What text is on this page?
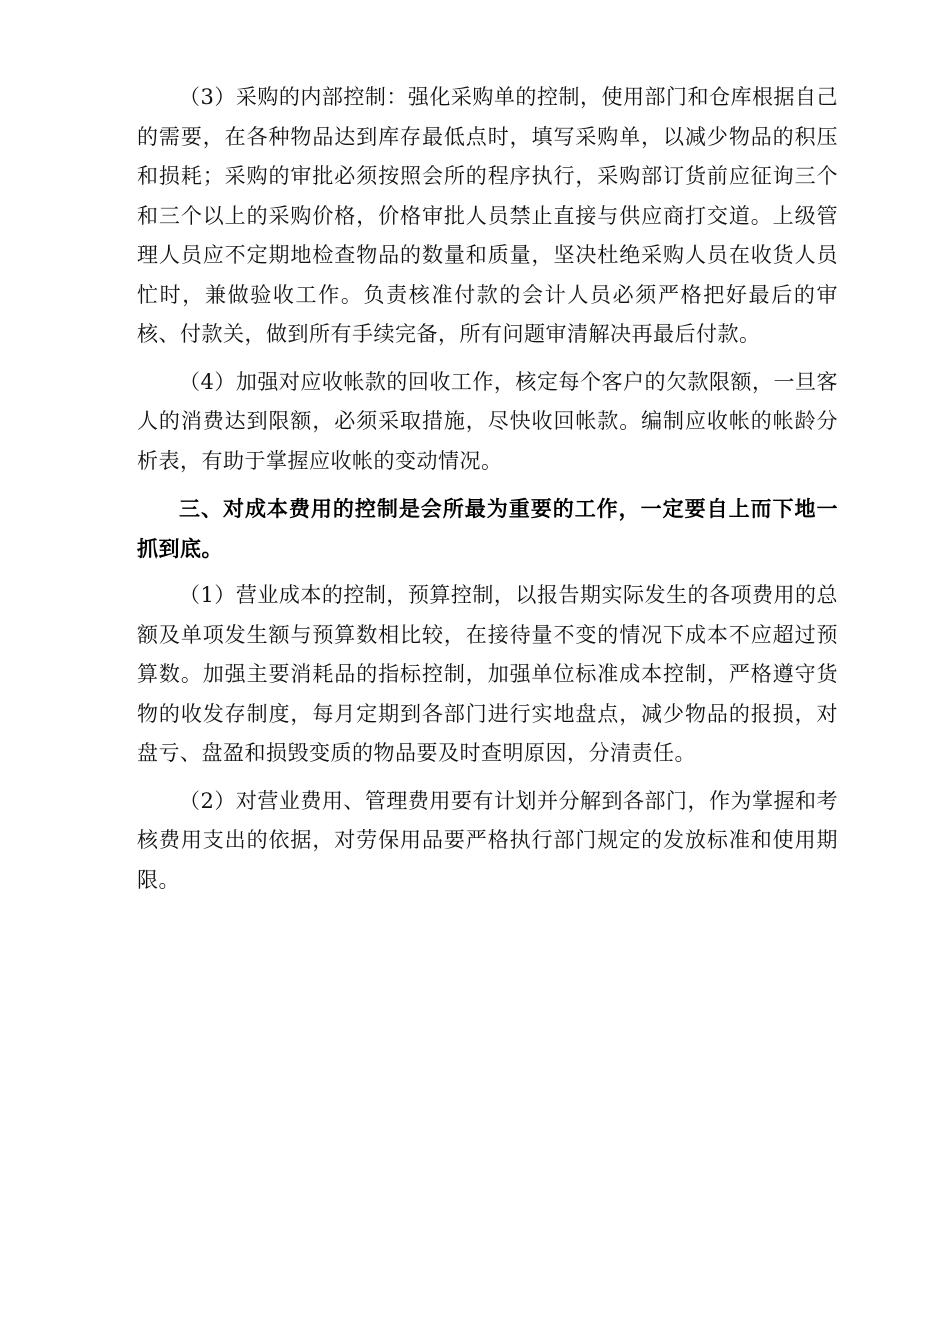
（3）采购的内部控制：强化采购单的控制，使用部门和仓库根据自己的需要，在各种物品达到库存最低点时，填写采购单，以减少物品的积压和损耗；采购的审批必须按照会所的程序执行，采购部订货前应征询三个和三个以上的采购价格，价格审批人员禁止直接与供应商打交道。上级管理人员应不定期地检查物品的数量和质量，坚决杜绝采购人员在收货人员忙时，兼做验收工作。负责核准付款的会计人员必须严格把好最后的审核、付款关，做到所有手续完备，所有问题审清解决再最后付款。

（4）加强对应收帐款的回收工作，核定每个客户的欠款限额，一旦客人的消费达到限额，必须采取措施，尽快收回帐款。编制应收帐的帐龄分析表，有助于掌握应收帐的变动情况。

三、对成本费用的控制是会所最为重要的工作，一定要自上而下地一抓到底。

（1）营业成本的控制，预算控制，以报告期实际发生的各项费用的总额及单项发生额与预算数相比较，在接待量不变的情况下成本不应超过预算数。加强主要消耗品的指标控制，加强单位标准成本控制，严格遵守货物的收发存制度，每月定期到各部门进行实地盘点，减少物品的报损，对盘亏、盘盈和损毁变质的物品要及时查明原因，分清责任。

（2）对营业费用、管理费用要有计划并分解到各部门，作为掌握和考核费用支出的依据，对劳保用品要严格执行部门规定的发放标准和使用期限。
